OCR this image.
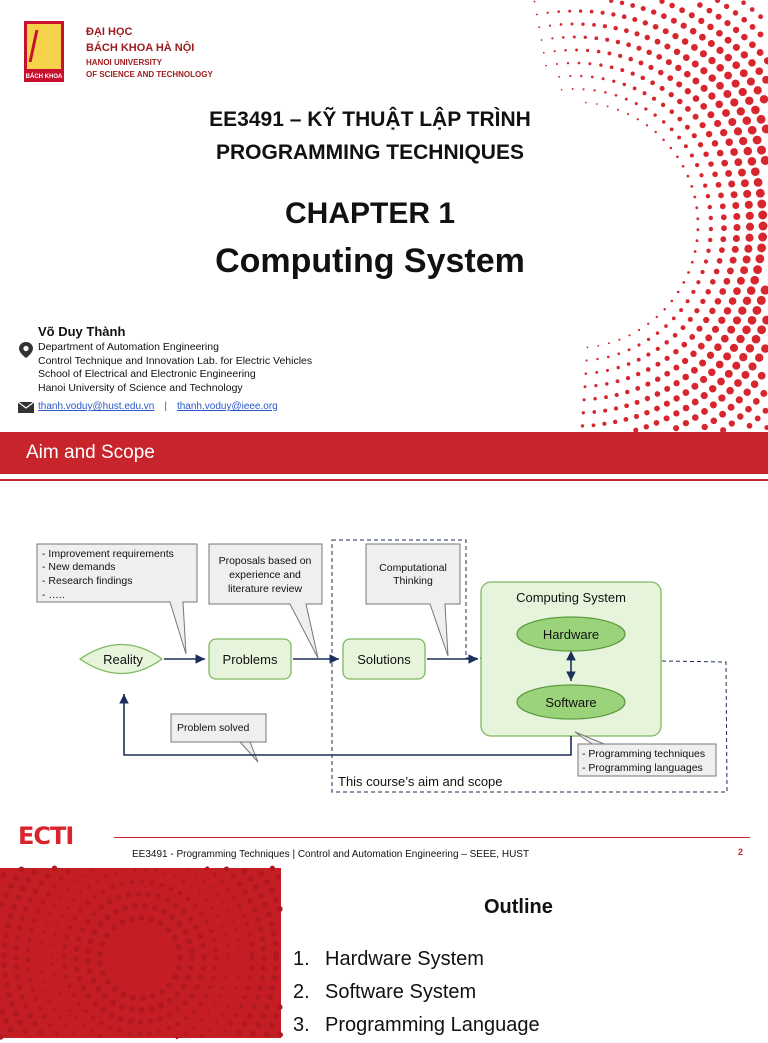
BÁCH KHOA
ĐẠI HỌC
BÁCH KHOA HÀ NỘI
HANOI UNIVERSITY
OF SCIENCE AND TECHNOLOGY
EE3491 – KỸ THUẬT LẬP TRÌNH
PROGRAMMING TECHNIQUES
CHAPTER 1
Computing System
Võ Duy Thành
Department of Automation Engineering
Control Technique and Innovation Lab. for Electric Vehicles
School of Electrical and Electronic Engineering
Hanoi University of Science and Technology
thanh.voduy@hust.edu.vn | thanh.voduy@ieee.org
Aim and Scope
Computing System
Hardware
Software
- Improvement requirements
- New demands
- Research findings
- …..
Proposals based on
experience and
literature review
Computational
Thinking
Problem solved
- Programming techniques
- Programming languages
Reality	Problems	Solutions
This course’s aim and scope
ECTI
EE3491 - Programming Techniques | Control and Automation Engineering – SEEE, HUST	2
Outline
1. Hardware System
2. Software System
3. Programming Language
